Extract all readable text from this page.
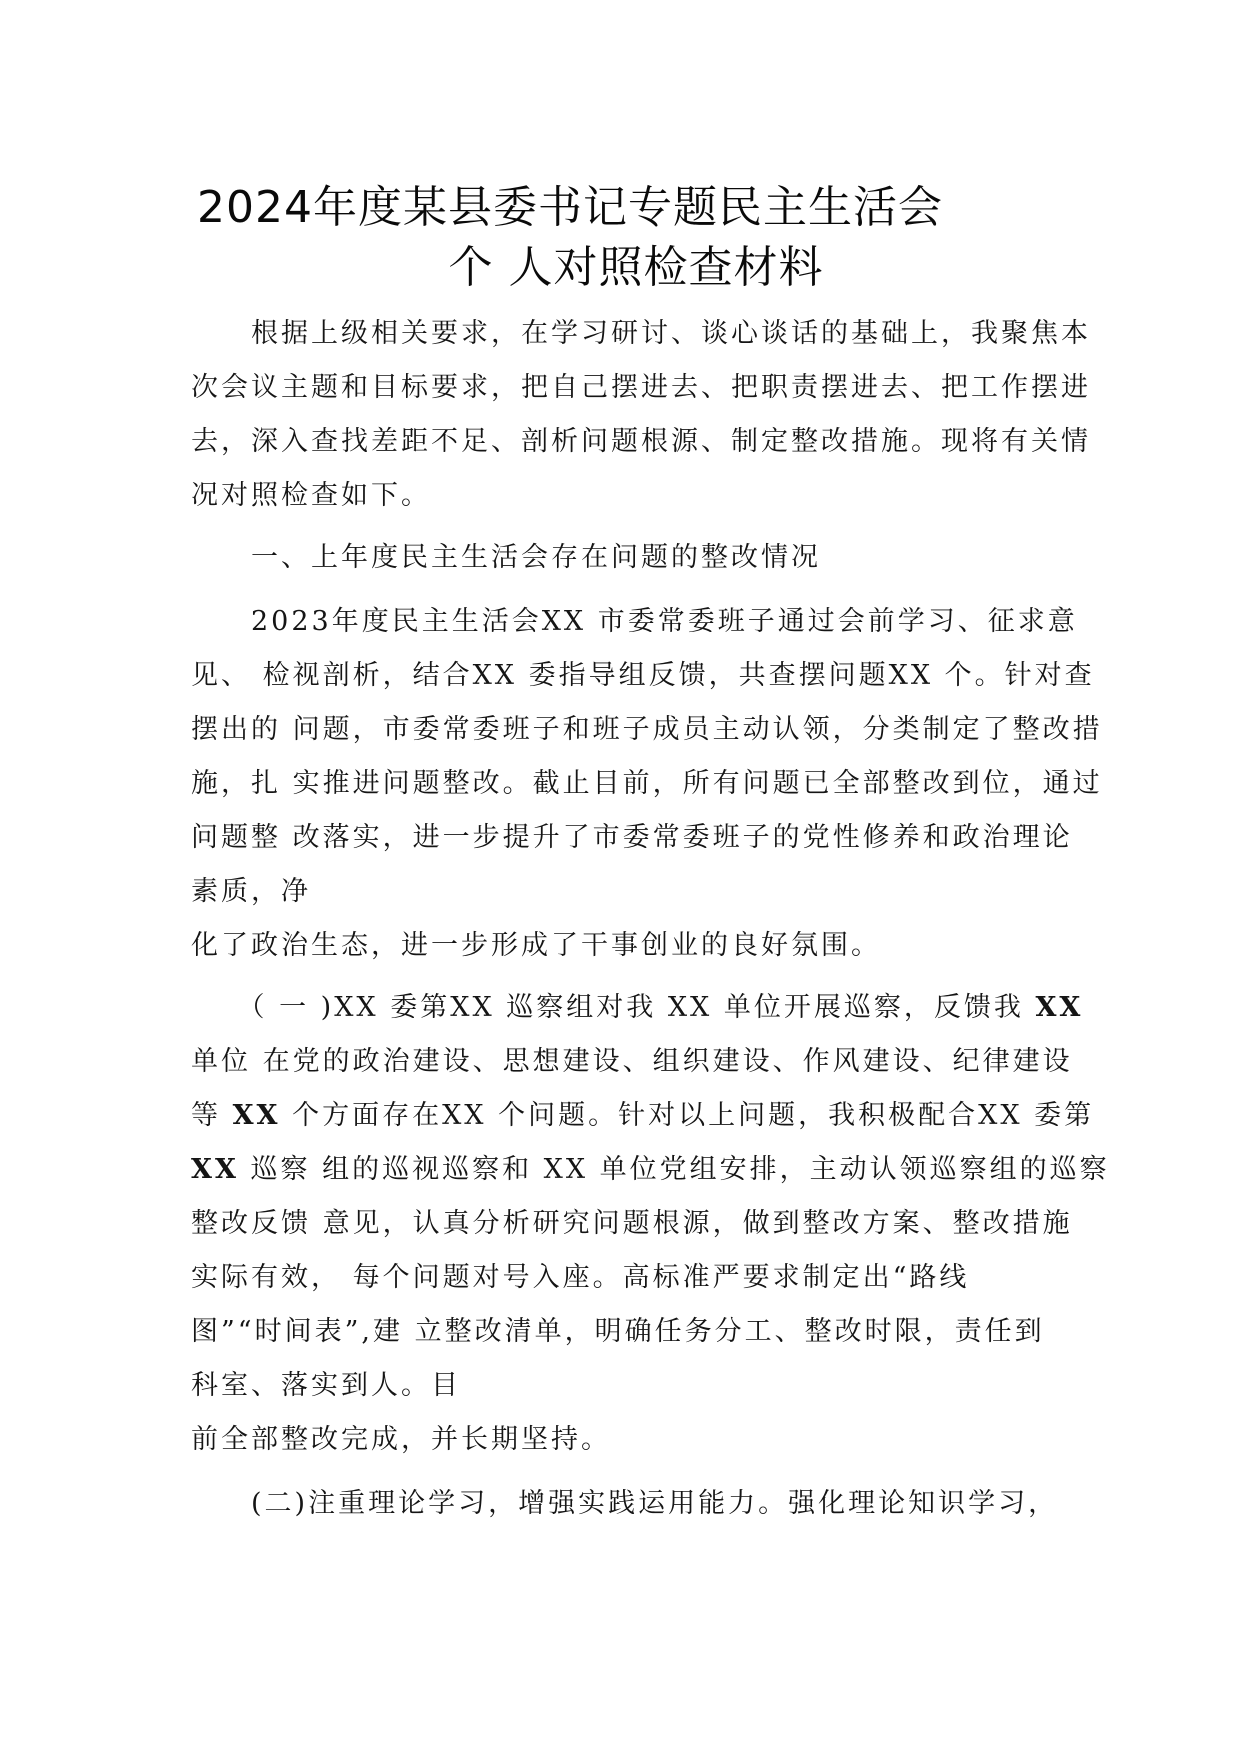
2024年度某县委书记专题民主生活会
个 人对照检查材料
　　根据上级相关要求，在学习研讨、谈心谈话的基础上，我聚焦本
次会议主题和目标要求，把自己摆进去、把职责摆进去、把工作摆进
去，深入查找差距不足、剖析问题根源、制定整改措施。现将有关情
况对照检查如下。
　　一、上年度民主生活会存在问题的整改情况
　　2023年度民主生活会XX 市委常委班子通过会前学习、征求意
见、 检视剖析，结合XX 委指导组反馈，共查摆问题XX 个。针对查
摆出的 问题，市委常委班子和班子成员主动认领，分类制定了整改措
施，扎 实推进问题整改。截止目前，所有问题已全部整改到位，通过
问题整 改落实，进一步提升了市委常委班子的党性修养和政治理论
素质，净
化了政治生态，进一步形成了干事创业的良好氛围。
　　（ 一 )XX 委第XX 巡察组对我 XX 单位开展巡察，反馈我 XX
单位 在党的政治建设、思想建设、组织建设、作风建设、纪律建设
等 XX 个方面存在XX 个问题。针对以上问题，我积极配合XX 委第
XX 巡察 组的巡视巡察和 XX 单位党组安排，主动认领巡察组的巡察
整改反馈 意见，认真分析研究问题根源，做到整改方案、整改措施
实际有效， 每个问题对号入座。高标准严要求制定出“路线
图”“时间表”,建 立整改清单，明确任务分工、整改时限，责任到
科室、落实到人。目
前全部整改完成，并长期坚持。
　　(二)注重理论学习，增强实践运用能力。强化理论知识学习，
